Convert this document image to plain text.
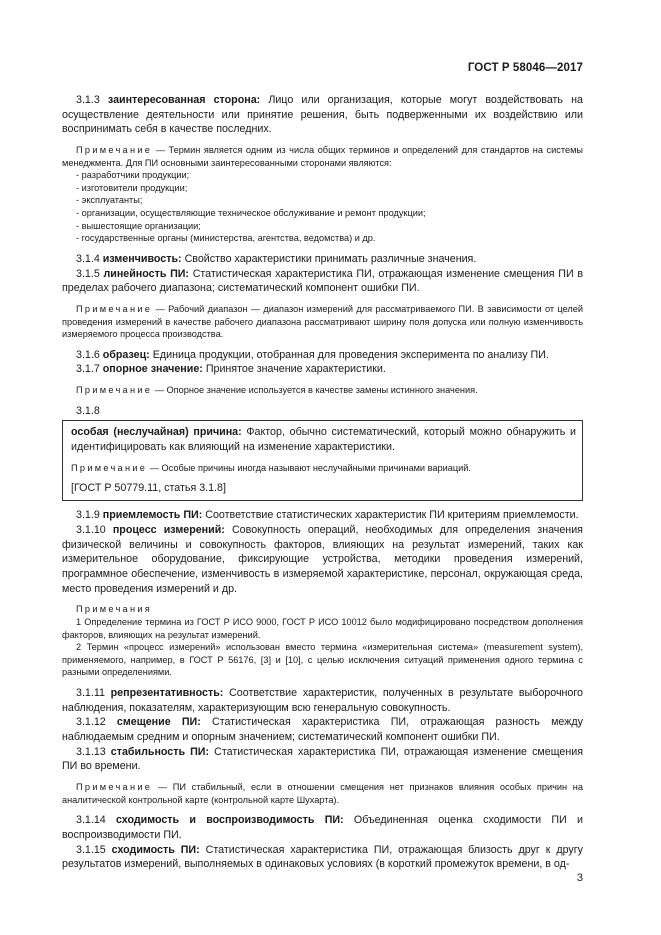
ГОСТ Р 58046—2017

3.1.3 заинтересованная сторона: Лицо или организация, которые могут воздействовать на осуществление деятельности или принятие решения, быть подверженными их воздействию или воспринимать себя в качестве последних.

Примечание — Термин является одним из числа общих терминов и определений для стандартов на системы менеджмента. Для ПИ основными заинтересованными сторонами являются:

- разработчики продукции;
- изготовители продукции;
- эксплуатанты;
- организации, осуществляющие техническое обслуживание и ремонт продукции;
- вышестоящие организации;
- государственные органы (министерства, агентства, ведомства) и др.

3.1.4 изменчивость: Свойство характеристики принимать различные значения.

3.1.5 линейность ПИ: Статистическая характеристика ПИ, отражающая изменение смещения ПИ в пределах рабочего диапазона; систематический компонент ошибки ПИ.

Примечание — Рабочий диапазон — диапазон измерений для рассматриваемого ПИ. В зависимости от целей проведения измерений в качестве рабочего диапазона рассматривают ширину поля допуска или полную изменчивость измеряемого процесса производства.

3.1.6 образец: Единица продукции, отобранная для проведения эксперимента по анализу ПИ.

3.1.7 опорное значение: Принятое значение характеристики.

Примечание — Опорное значение используется в качестве замены истинного значения.

3.1.8

особая (неслучайная) причина: Фактор, обычно систематический, который можно обнаружить и идентифицировать как влияющий на изменение характеристики.

Примечание — Особые причины иногда называют неслучайными причинами вариаций.

[ГОСТ Р 50779.11, статья 3.1.8]

3.1.9 приемлемость ПИ: Соответствие статистических характеристик ПИ критериям приемлемости.

3.1.10 процесс измерений: Совокупность операций, необходимых для определения значения физической величины и совокупность факторов, влияющих на результат измерений, таких как измерительное оборудование, фиксирующие устройства, методики проведения измерений, программное обеспечение, изменчивость в измеряемой характеристике, персонал, окружающая среда, место проведения измерений и др.

Примечания

1 Определение термина из ГОСТ Р ИСО 9000, ГОСТ Р ИСО 10012 было модифицировано посредством дополнения факторов, влияющих на результат измерений.

2 Термин «процесс измерений» использован вместо термина «измерительная система» (measurement system), применяемого, например, в ГОСТ Р 56176, [3] и [10], с целью исключения ситуаций применения одного термина с разными определениями.

3.1.11 репрезентативность: Соответствие характеристик, полученных в результате выборочного наблюдения, показателям, характеризующим всю генеральную совокупность.

3.1.12 смещение ПИ: Статистическая характеристика ПИ, отражающая разность между наблюдаемым средним и опорным значением; систематический компонент ошибки ПИ.

3.1.13 стабильность ПИ: Статистическая характеристика ПИ, отражающая изменение смещения ПИ во времени.

Примечание — ПИ стабильный, если в отношении смещения нет признаков влияния особых причин на аналитической контрольной карте (контрольной карте Шухарта).

3.1.14 сходимость и воспроизводимость ПИ: Объединенная оценка сходимости ПИ и воспроизводимости ПИ.

3.1.15 сходимость ПИ: Статистическая характеристика ПИ, отражающая близость друг к другу результатов измерений, выполняемых в одинаковых условиях (в короткий промежуток времени, в од-

3
